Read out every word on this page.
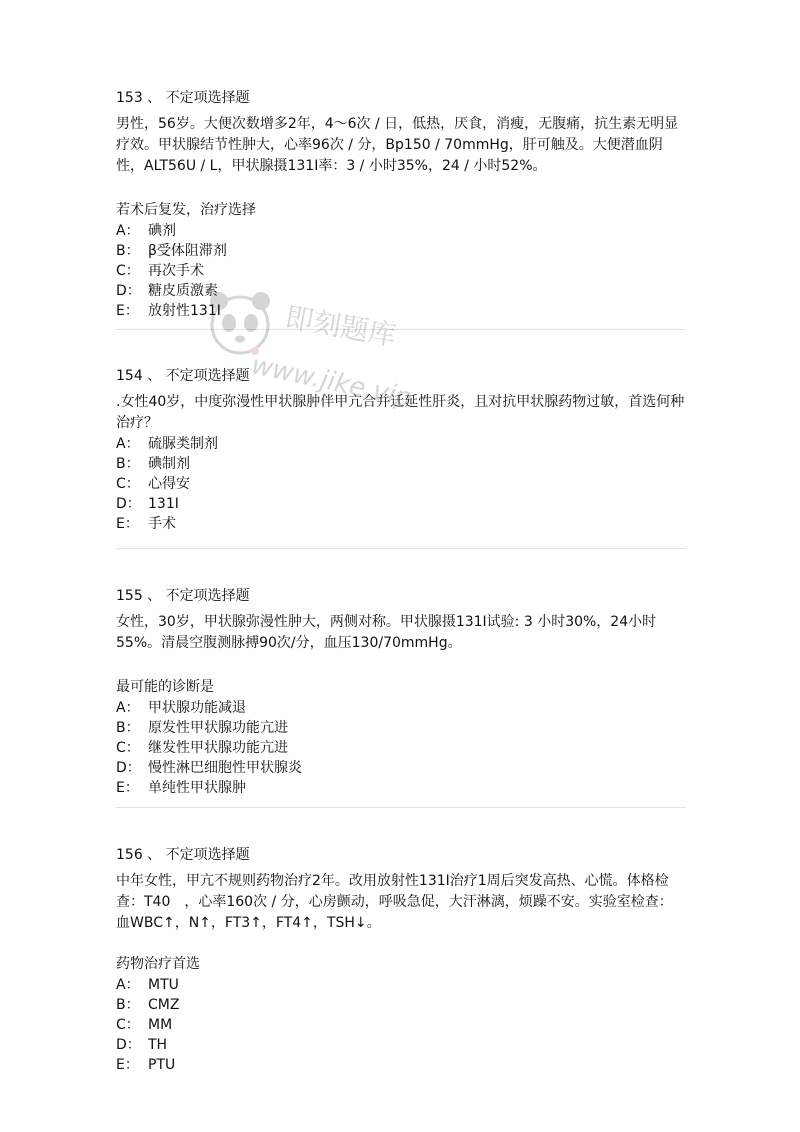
153 、 不定项选择题
男性，56岁。大便次数增多2年，4～6次 / 日，低热，厌食，消瘦，无腹痛，抗生素无明显疗效。甲状腺结节性肿大，心率96次 / 分，Bp150 / 70mmHg，肝可触及。大便潜血阴性，ALT56U / L，甲状腺摄131I率：3 / 小时35%，24 / 小时52%。
若术后复发，治疗选择
A： 碘剂
B： β受体阻滞剂
C： 再次手术
D： 糖皮质激素
E： 放射性131I
154 、 不定项选择题
.女性40岁，中度弥漫性甲状腺肿伴甲亢合并迁延性肝炎，且对抗甲状腺药物过敏，首选何种治疗？
A： 硫脲类制剂
B： 碘制剂
C： 心得安
D： 131I
E： 手术
155 、 不定项选择题
女性，30岁，甲状腺弥漫性肿大，两侧对称。甲状腺摄131I试验: 3 小时30%，24小时55%。清晨空腹测脉搏90次/分，血压130/70mmHg。
最可能的诊断是
A： 甲状腺功能减退
B： 原发性甲状腺功能亢进
C： 继发性甲状腺功能亢进
D： 慢性淋巴细胞性甲状腺炎
E： 单纯性甲状腺肿
156 、 不定项选择题
中年女性，甲亢不规则药物治疗2年。改用放射性131I治疗1周后突发高热、心慌。体格检查：T40　，心率160次 / 分，心房颤动，呼吸急促，大汗淋漓，烦躁不安。实验室检查：血WBC↑，N↑，FT3↑，FT4↑，TSH↓。
药物治疗首选
A： MTU
B： CMZ
C： MM
D： TH
E： PTU
即刻题库
www.jike.vip
